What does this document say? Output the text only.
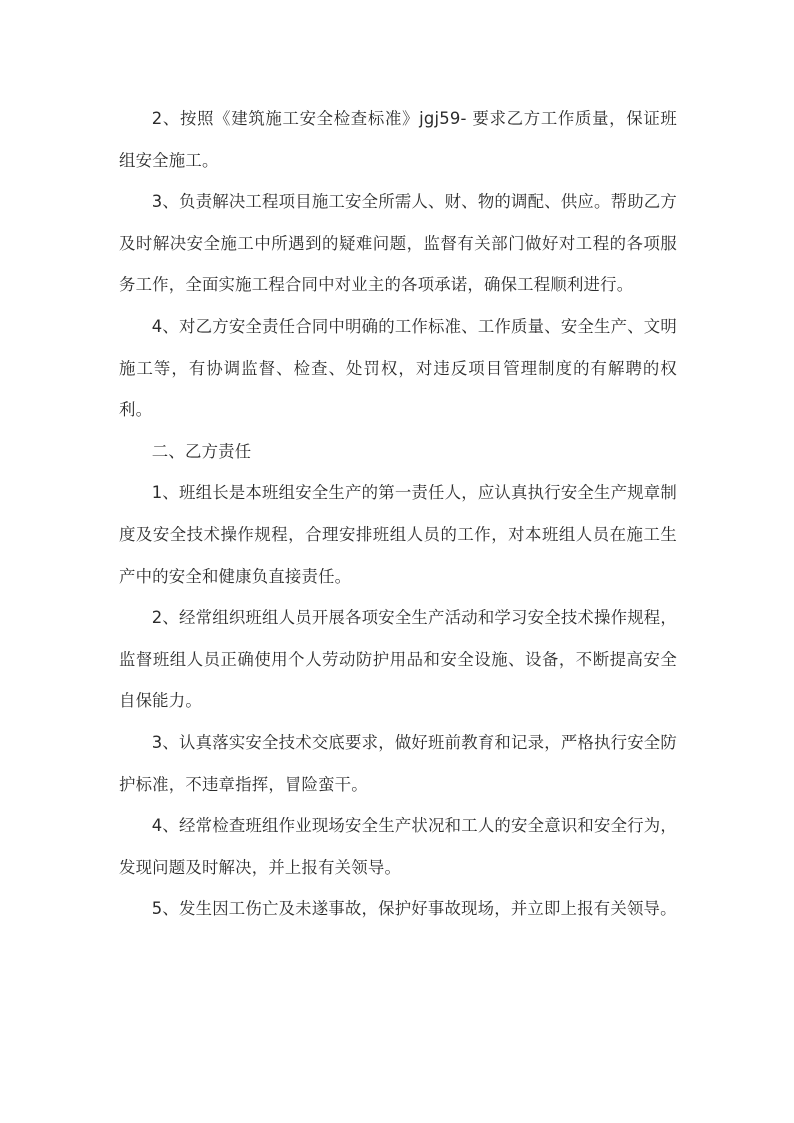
2、按照《建筑施工安全检查标准》jgj59- 要求乙方工作质量，保证班组安全施工。

3、负责解决工程项目施工安全所需人、财、物的调配、供应。帮助乙方及时解决安全施工中所遇到的疑难问题，监督有关部门做好对工程的各项服务工作，全面实施工程合同中对业主的各项承诺，确保工程顺利进行。

4、对乙方安全责任合同中明确的工作标准、工作质量、安全生产、文明施工等，有协调监督、检查、处罚权，对违反项目管理制度的有解聘的权利。

二、乙方责任

1、班组长是本班组安全生产的第一责任人，应认真执行安全生产规章制度及安全技术操作规程，合理安排班组人员的工作，对本班组人员在施工生产中的安全和健康负直接责任。

2、经常组织班组人员开展各项安全生产活动和学习安全技术操作规程，监督班组人员正确使用个人劳动防护用品和安全设施、设备，不断提高安全自保能力。

3、认真落实安全技术交底要求，做好班前教育和记录，严格执行安全防护标准，不违章指挥，冒险蛮干。

4、经常检查班组作业现场安全生产状况和工人的安全意识和安全行为，发现问题及时解决，并上报有关领导。

5、发生因工伤亡及未遂事故，保护好事故现场，并立即上报有关领导。
